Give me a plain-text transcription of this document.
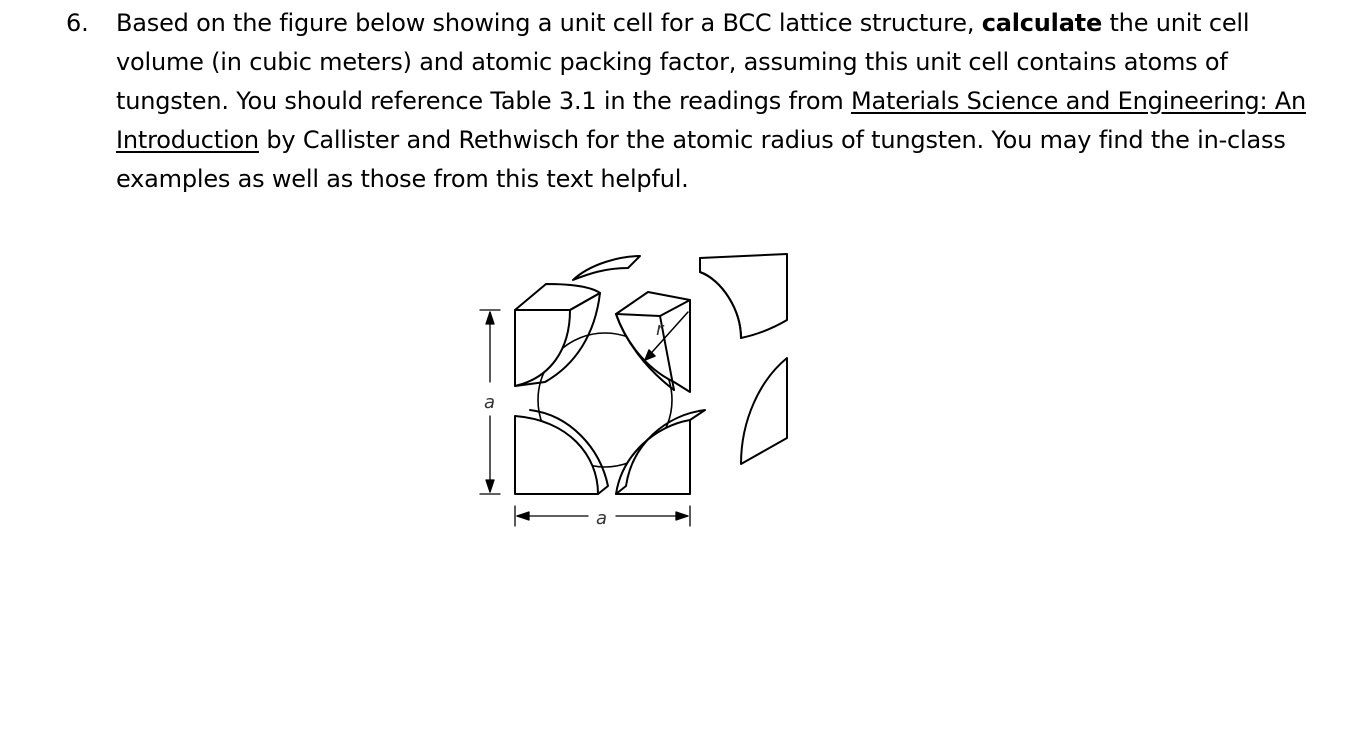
6. Based on the figure below showing a unit cell for a BCC lattice structure, calculate the unit cell volume (in cubic meters) and atomic packing factor, assuming this unit cell contains atoms of tungsten. You should reference Table 3.1 in the readings from Materials Science and Engineering: An Introduction by Callister and Rethwisch for the atomic radius of tungsten. You may find the in-class examples as well as those from this text helpful.
r
a
a
